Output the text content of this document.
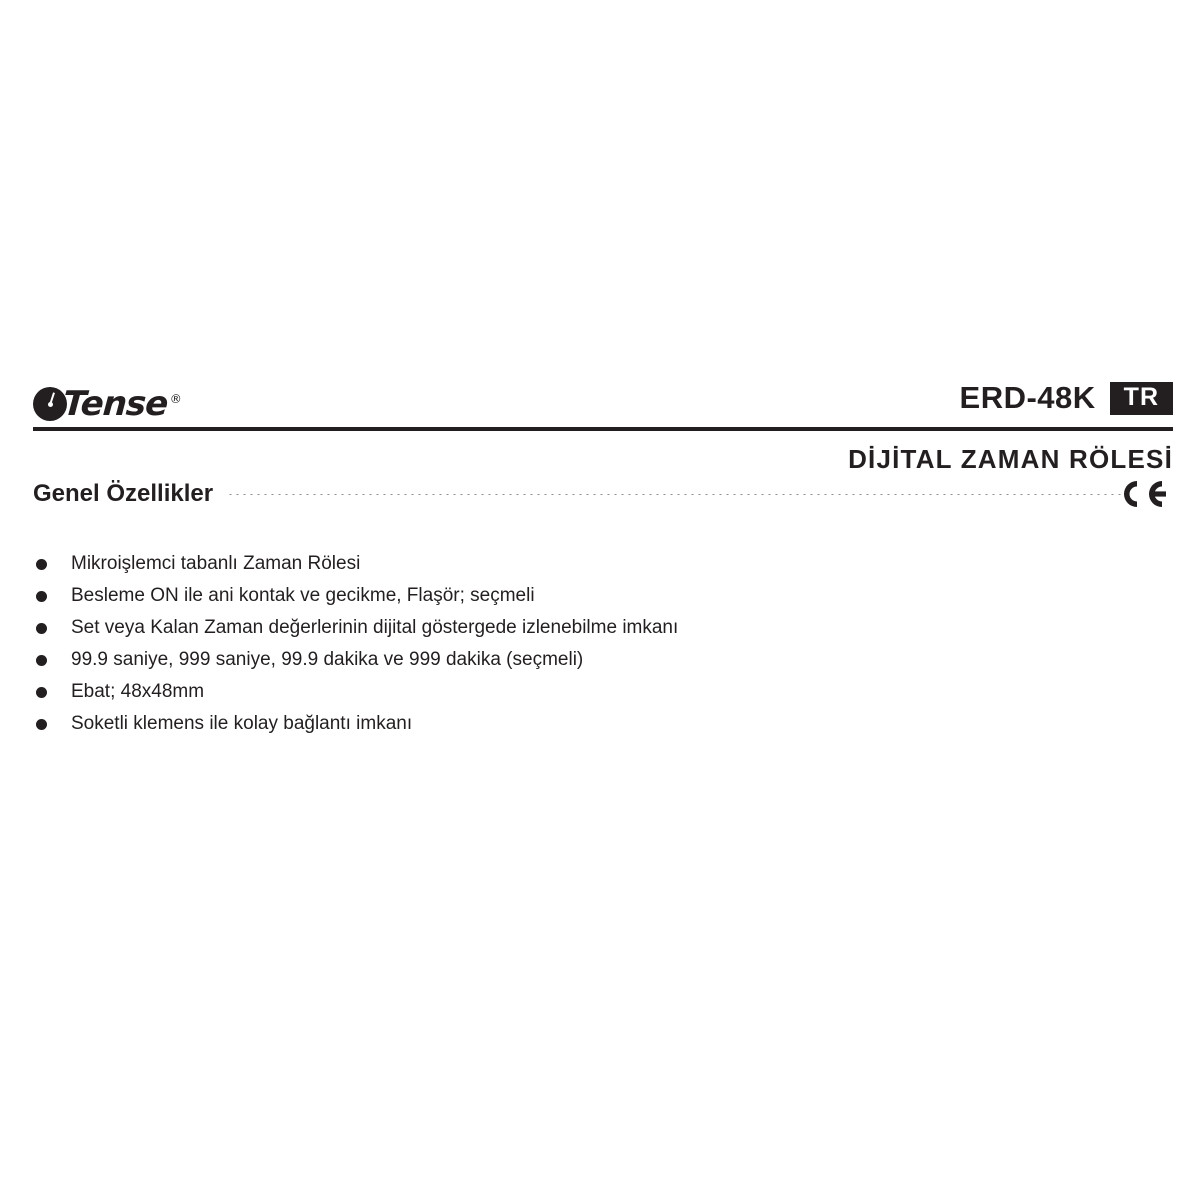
Tense®	ERD-48K	TR
DİJİTAL ZAMAN RÖLESİ
Genel Özellikler
Mikroişlemci tabanlı Zaman Rölesi
Besleme ON ile ani kontak ve gecikme, Flaşör; seçmeli
Set veya Kalan Zaman değerlerinin dijital göstergede izlenebilme imkanı
99.9 saniye, 999 saniye, 99.9 dakika ve 999 dakika (seçmeli)
Ebat; 48x48mm
Soketli klemens ile kolay bağlantı imkanı
